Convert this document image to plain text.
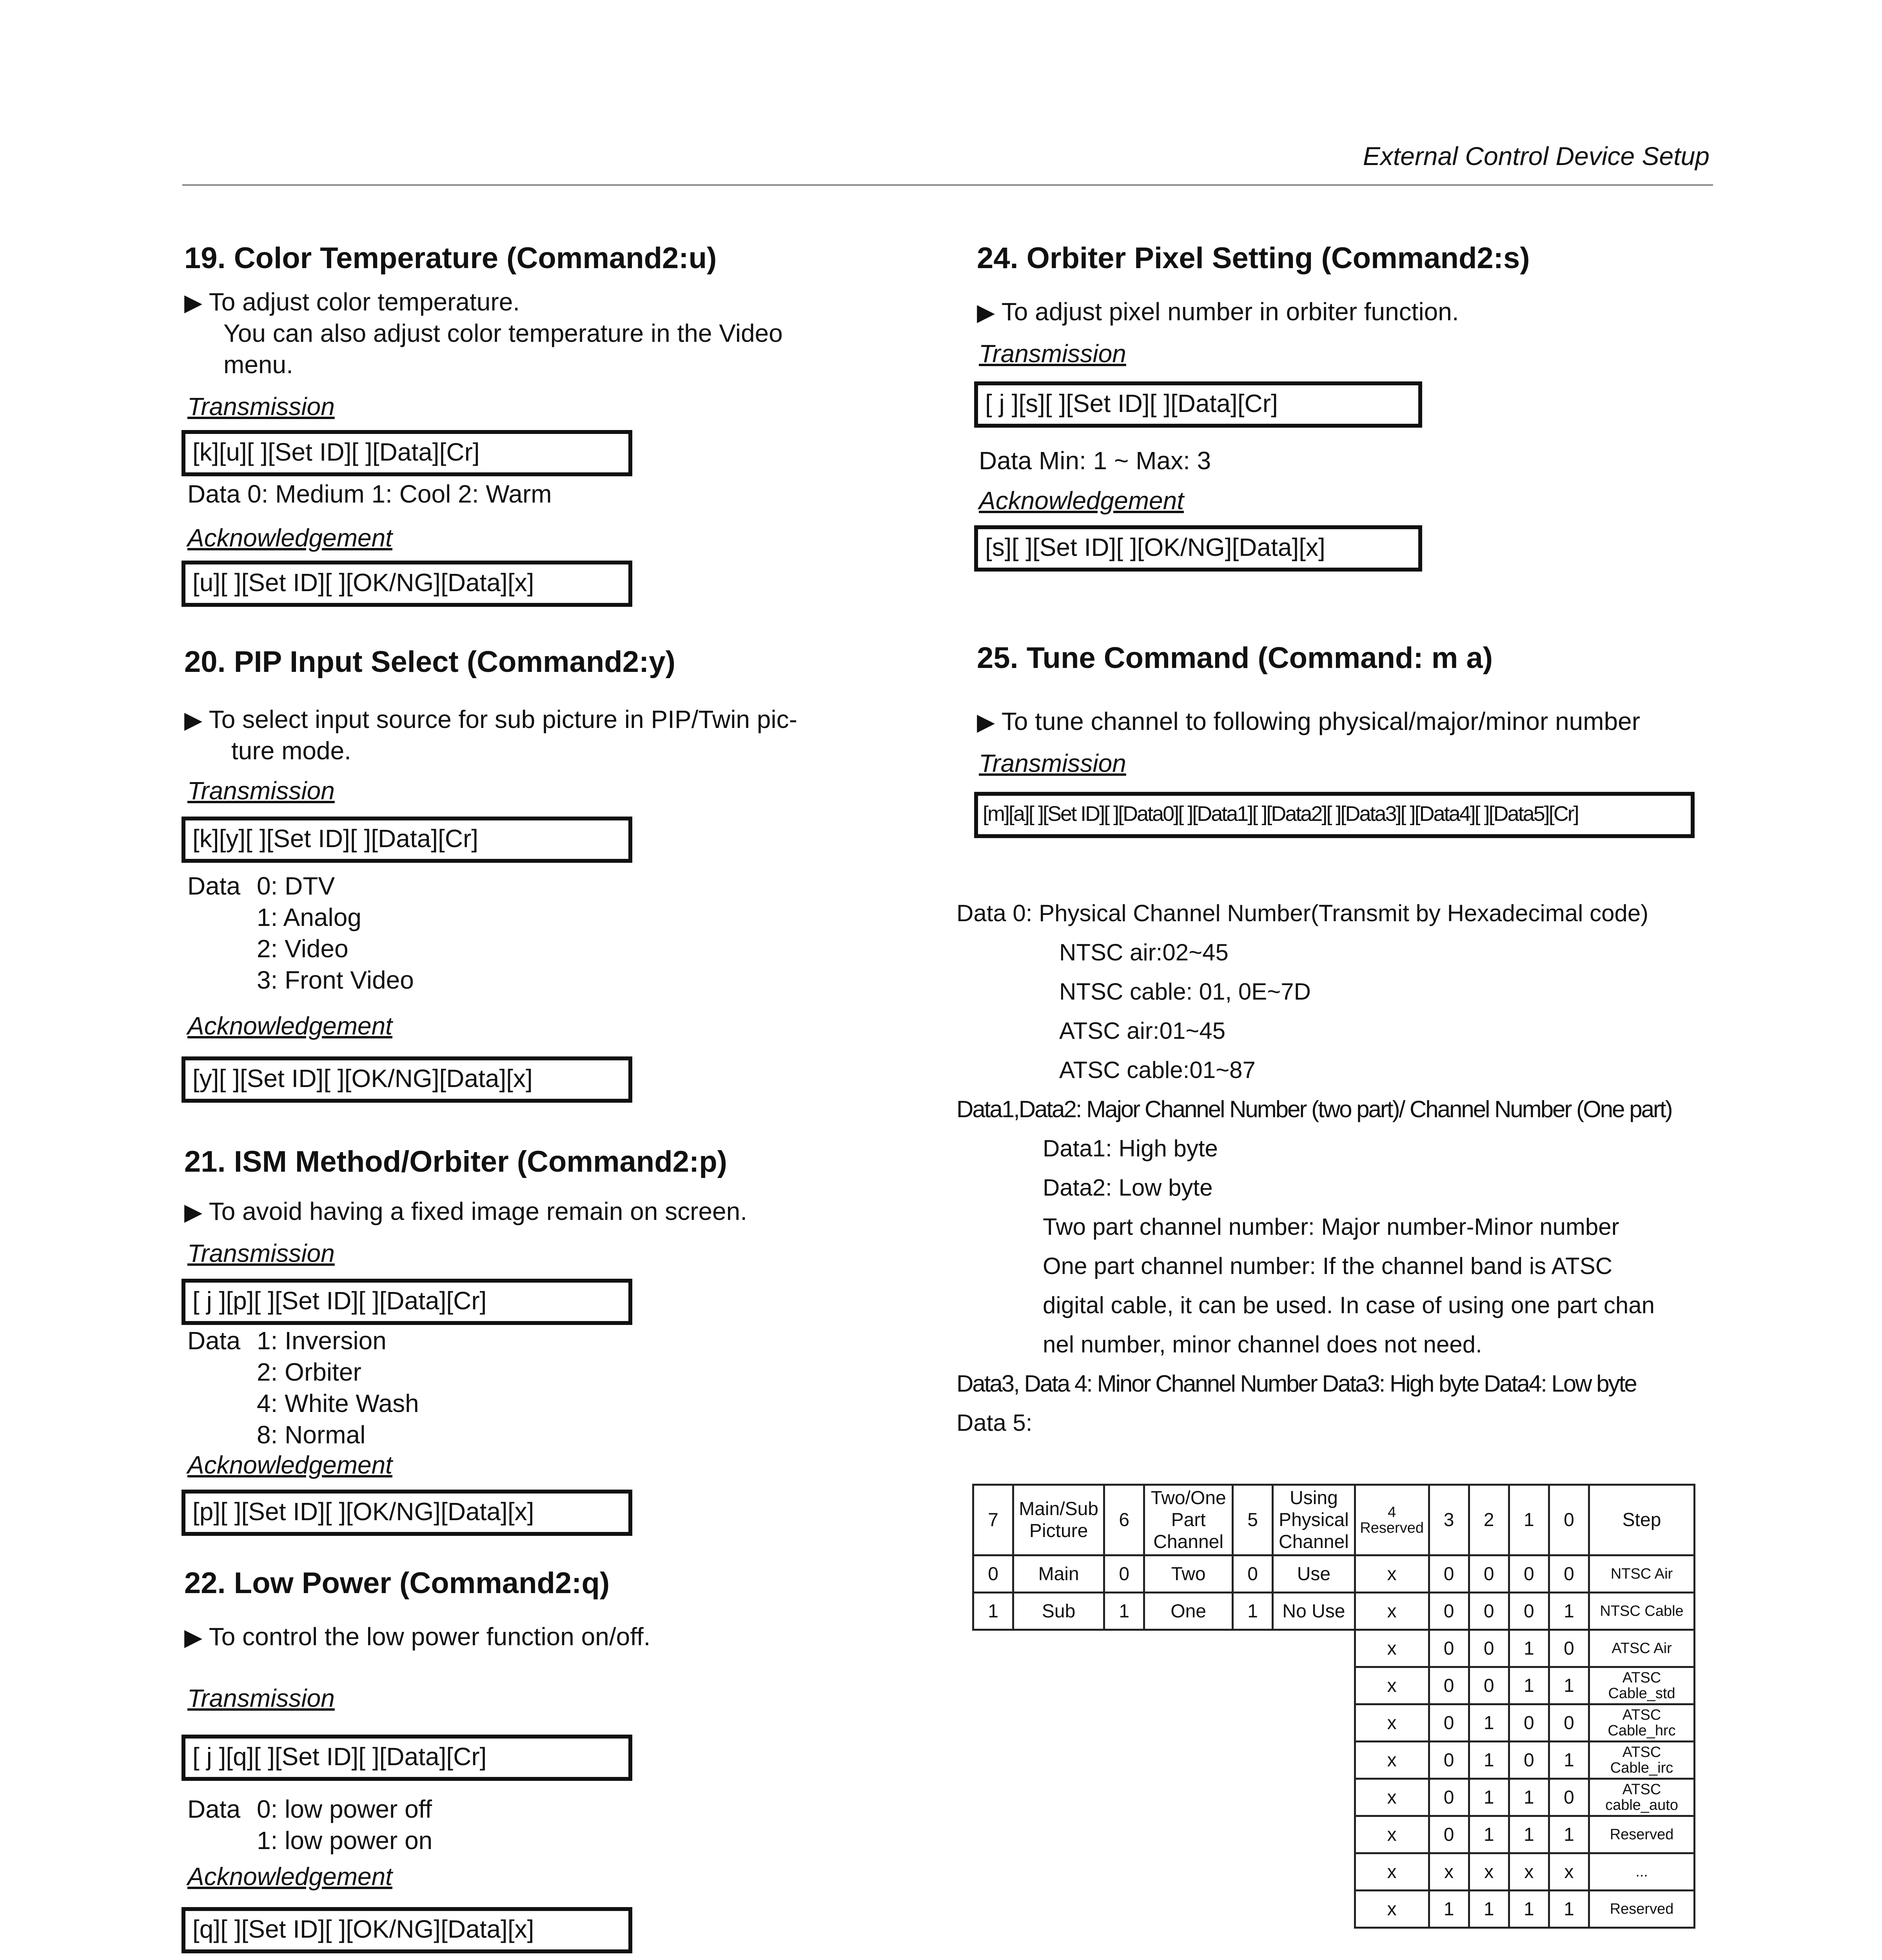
External Control Device Setup
19. Color Temperature (Command2:u)
▶ To adjust color temperature.
You can also adjust color temperature in the Video
menu.
Transmission
[k][u][ ][Set ID][ ][Data][Cr]
Data 0: Medium 1: Cool 2: Warm
Acknowledgement
[u][ ][Set ID][ ][OK/NG][Data][x]
20. PIP Input Select (Command2:y)
▶ To select input source for sub picture in PIP/Twin pic-
ture mode.
Transmission
[k][y][ ][Set ID][ ][Data][Cr]
Data 0: DTV
1: Analog
2: Video
3: Front Video
Acknowledgement
[y][ ][Set ID][ ][OK/NG][Data][x]
21. ISM Method/Orbiter (Command2:p)
▶ To avoid having a fixed image remain on screen.
Transmission
[ j ][p][ ][Set ID][ ][Data][Cr]
Data 1: Inversion
2: Orbiter
4: White Wash
8: Normal
Acknowledgement
[p][ ][Set ID][ ][OK/NG][Data][x]
22. Low Power (Command2:q)
▶ To control the low power function on/off.
Transmission
[ j ][q][ ][Set ID][ ][Data][Cr]
Data 0: low power off
1: low power on
Acknowledgement
[q][ ][Set ID][ ][OK/NG][Data][x]
24. Orbiter Pixel Setting (Command2:s)
▶ To adjust pixel number in orbiter function.
Transmission
[ j ][s][ ][Set ID][ ][Data][Cr]
Data Min: 1 ~ Max: 3
Acknowledgement
[s][ ][Set ID][ ][OK/NG][Data][x]
25. Tune Command (Command: m a)
▶ To tune channel to following physical/major/minor number
Transmission
[m][a][ ][Set ID][ ][Data0][ ][Data1][ ][Data2][ ][Data3][ ][Data4][ ][Data5][Cr]
Data 0: Physical Channel Number(Transmit by Hexadecimal code)
NTSC air:02~45
NTSC cable: 01, 0E~7D
ATSC air:01~45
ATSC cable:01~87
Data1,Data2: Major Channel Number (two part)/ Channel Number (One part)
Data1: High byte
Data2: Low byte
Two part channel number: Major number-Minor number
One part channel number: If the channel band is ATSC
digital cable, it can be used. In case of using one part chan
nel number, minor channel does not need.
Data3, Data 4: Minor Channel Number Data3: High byte Data4: Low byte
Data 5:
7	Main/Sub Picture	6	Two/One Part Channel	5	Using Physical Channel	4 Reserved	3	2	1	0	Step
0	Main	0	Two	0	Use	x	0	0	0	0	NTSC Air
1	Sub	1	One	1	No Use	x	0	0	0	1	NTSC Cable
						x	0	0	1	0	ATSC Air
						x	0	0	1	1	ATSC Cable_std
						x	0	1	0	0	ATSC Cable_hrc
						x	0	1	0	1	ATSC Cable_irc
						x	0	1	1	0	ATSC cable_auto
						x	0	1	1	1	Reserved
						x	x	x	x	x	...
						x	1	1	1	1	Reserved
